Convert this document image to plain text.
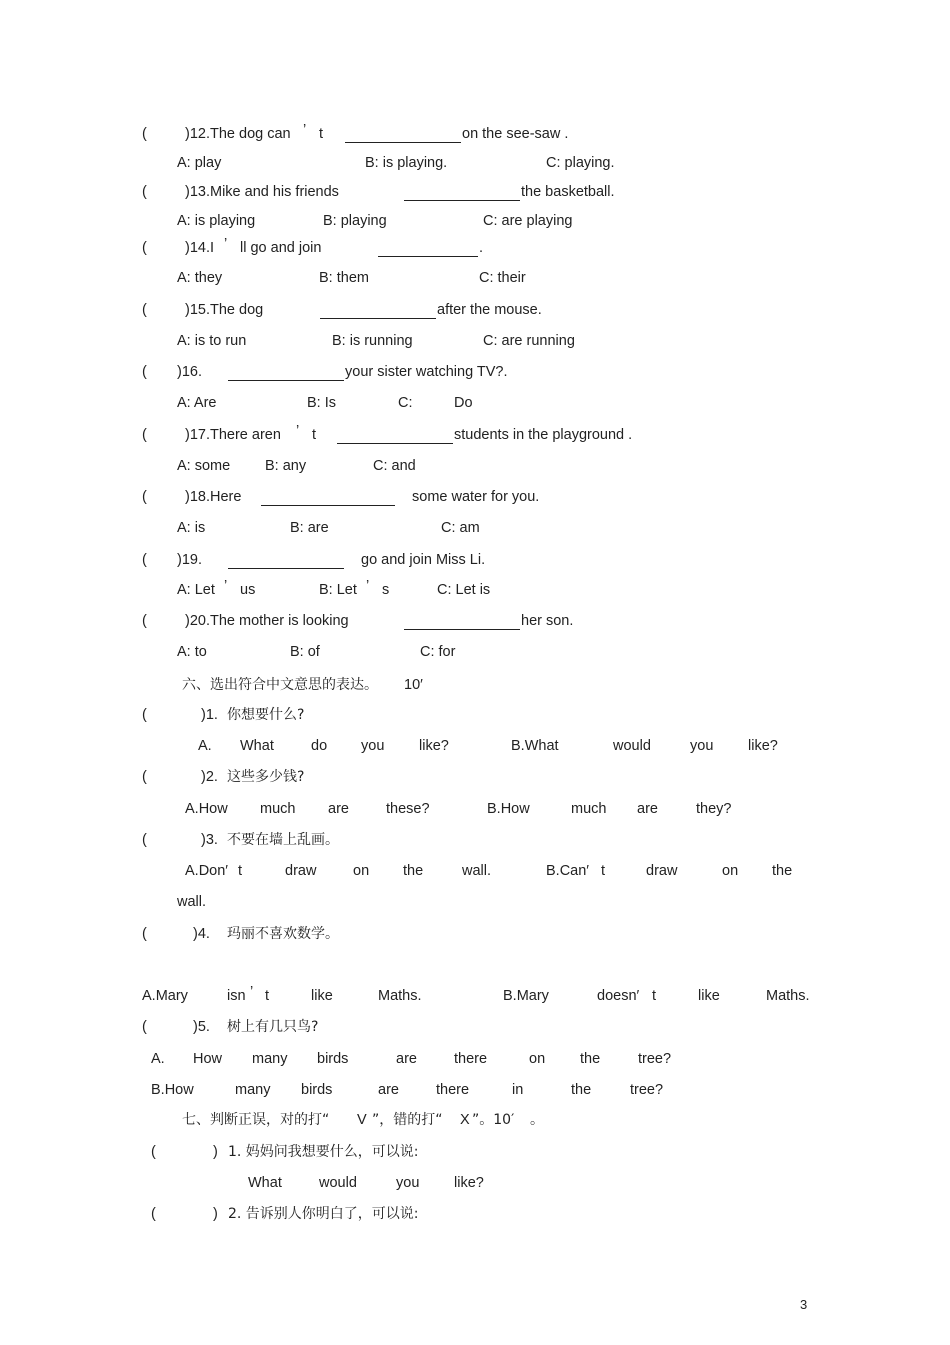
(	)12.The dog can ’ t	on the see-saw .
A: play	B: is playing.	C: playing.
(	)13.Mike and his friends	the basketball.
A: is playing	B: playing	C: are playing
(	)14.I ’ ll go and join	.
A: they	B: them	C: their
(	)15.The dog	after the mouse.
A: is to run	B: is running	C: are running
( )16.	your sister watching TV?.
A: Are	B: Is	C:	Do
(	)17.There aren ’ t	students in the playground .
A: some B: any	C: and
(	)18.Here	some water for you.
A: is	B: are	C: am
( )19.	go and join Miss Li.
A: Let ’ us	B: Let ’ s	C: Let is
(	)20.The mother is looking	her son.
A: to	B: of	C: for
六、选出符合中文意思的表达。 10′
(	)1. 你想要什么?
A. What	do you like?	B.What	would	you like?
(	)2. 这些多少钱?
A.How much are	these?	B.How	much are	they?
(	)3. 不要在墙上乱画。
A.Don′ t	draw	on the	wall.	B.Can′ t	draw	on the
wall.
(	)4. 玛丽不喜欢数学。
A.Mary	isn ’ t	like	Maths.	B.Mary	doesn′ t	like	Maths.
(	)5. 树上有几只鸟?
A. How many birds	are	there	on the	tree?
B.How	many birds	are	there	in	the	tree?
七、判断正误，对的打“ V ”，错的打“ X ”。10′ 。
(	) 1. 妈妈问我想要什么，可以说:
What	would	you like?
(	) 2. 告诉别人你明白了，可以说:
3
